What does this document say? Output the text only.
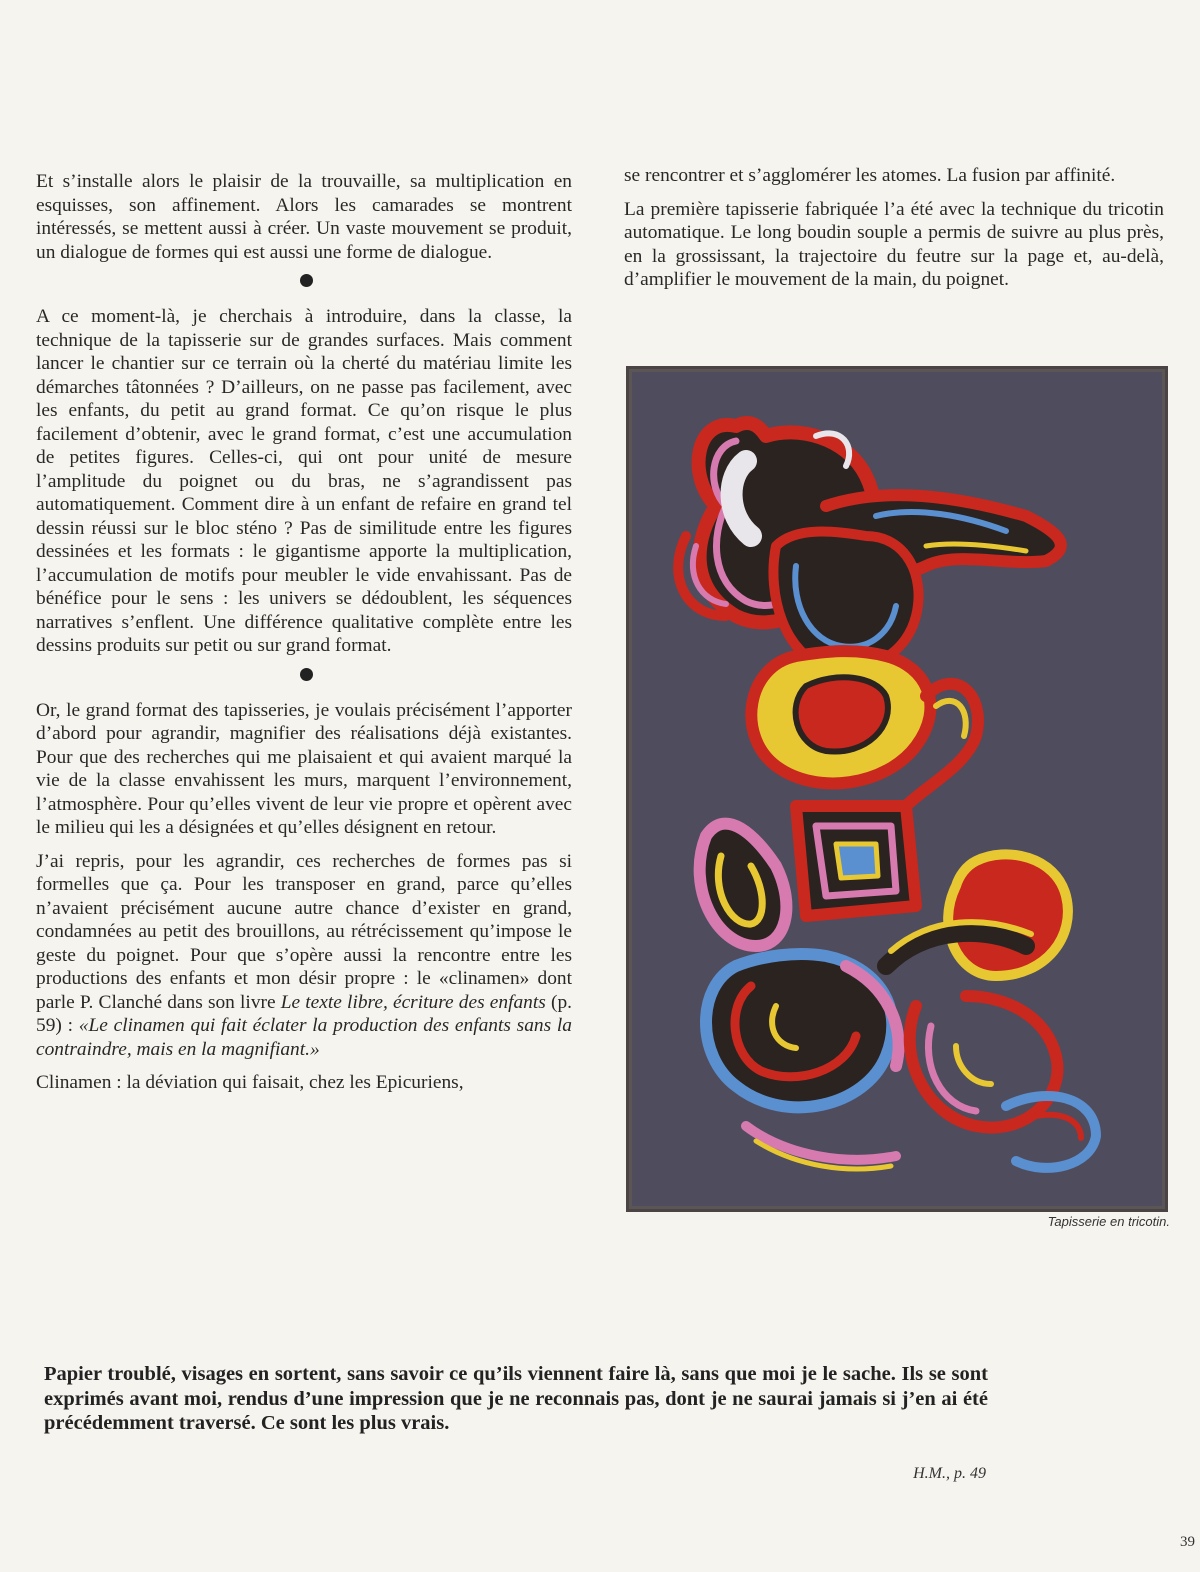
Et s’installe alors le plaisir de la trouvaille, sa multiplication en esquisses, son affinement. Alors les camarades se montrent intéressés, se mettent aussi à créer. Un vaste mouvement se produit, un dialogue de formes qui est aussi une forme de dialogue.

A ce moment-là, je cherchais à introduire, dans la classe, la technique de la tapisserie sur de grandes surfaces. Mais comment lancer le chantier sur ce terrain où la cherté du matériau limite les démarches tâtonnées ? D’ailleurs, on ne passe pas facilement, avec les enfants, du petit au grand format. Ce qu’on risque le plus facilement d’obtenir, avec le grand format, c’est une accumulation de petites figures. Celles-ci, qui ont pour unité de mesure l’amplitude du poignet ou du bras, ne s’agrandissent pas automatiquement. Comment dire à un enfant de refaire en grand tel dessin réussi sur le bloc sténo ? Pas de similitude entre les figures dessinées et les formats : le gigantisme apporte la multiplication, l’accumulation de motifs pour meubler le vide envahissant. Pas de bénéfice pour le sens : les univers se dédoublent, les séquences narratives s’enflent. Une différence qualitative complète entre les dessins produits sur petit ou sur grand format.

Or, le grand format des tapisseries, je voulais précisément l’apporter d’abord pour agrandir, magnifier des réalisations déjà existantes. Pour que des recherches qui me plaisaient et qui avaient marqué la vie de la classe envahissent les murs, marquent l’environnement, l’atmosphère. Pour qu’elles vivent de leur vie propre et opèrent avec le milieu qui les a désignées et qu’elles désignent en retour.

J’ai repris, pour les agrandir, ces recherches de formes pas si formelles que ça. Pour les transposer en grand, parce qu’elles n’avaient précisément aucune autre chance d’exister en grand, condamnées au petit des brouillons, au rétrécissement qu’impose le geste du poignet. Pour que s’opère aussi la rencontre entre les productions des enfants et mon désir propre : le «clinamen» dont parle P. Clanché dans son livre Le texte libre, écriture des enfants (p. 59) : «Le clinamen qui fait éclater la production des enfants sans la contraindre, mais en la magnifiant.»

Clinamen : la déviation qui faisait, chez les Epicuriens,

se rencontrer et s’agglomérer les atomes. La fusion par affinité.

La première tapisserie fabriquée l’a été avec la technique du tricotin automatique. Le long boudin souple a permis de suivre au plus près, en la grossissant, la trajectoire du feutre sur la page et, au-delà, d’amplifier le mouvement de la main, du poignet.

Tapisserie en tricotin.
Papier troublé, visages en sortent, sans savoir ce qu’ils viennent faire là, sans que moi je le sache. Ils se sont exprimés avant moi, rendus d’une impression que je ne reconnais pas, dont je ne saurai jamais si j’en ai été précédemment traversé. Ce sont les plus vrais.
H.M., p. 49
39
